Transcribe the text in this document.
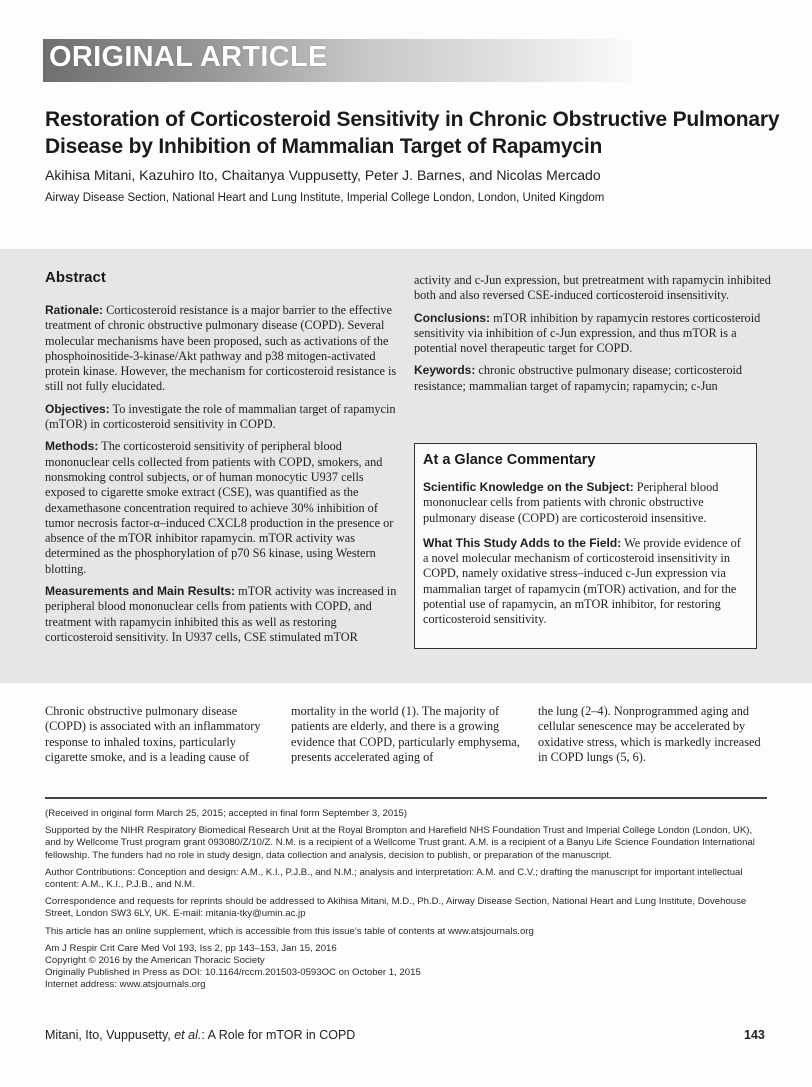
ORIGINAL ARTICLE
Restoration of Corticosteroid Sensitivity in Chronic Obstructive Pulmonary Disease by Inhibition of Mammalian Target of Rapamycin
Akihisa Mitani, Kazuhiro Ito, Chaitanya Vuppusetty, Peter J. Barnes, and Nicolas Mercado
Airway Disease Section, National Heart and Lung Institute, Imperial College London, London, United Kingdom
Abstract

Rationale: Corticosteroid resistance is a major barrier to the effective treatment of chronic obstructive pulmonary disease (COPD). Several molecular mechanisms have been proposed, such as activations of the phosphoinositide-3-kinase/Akt pathway and p38 mitogen-activated protein kinase. However, the mechanism for corticosteroid resistance is still not fully elucidated.

Objectives: To investigate the role of mammalian target of rapamycin (mTOR) in corticosteroid sensitivity in COPD.

Methods: The corticosteroid sensitivity of peripheral blood mononuclear cells collected from patients with COPD, smokers, and nonsmoking control subjects, or of human monocytic U937 cells exposed to cigarette smoke extract (CSE), was quantified as the dexamethasone concentration required to achieve 30% inhibition of tumor necrosis factor-α–induced CXCL8 production in the presence or absence of the mTOR inhibitor rapamycin. mTOR activity was determined as the phosphorylation of p70 S6 kinase, using Western blotting.

Measurements and Main Results: mTOR activity was increased in peripheral blood mononuclear cells from patients with COPD, and treatment with rapamycin inhibited this as well as restoring corticosteroid sensitivity. In U937 cells, CSE stimulated mTOR

activity and c-Jun expression, but pretreatment with rapamycin inhibited both and also reversed CSE-induced corticosteroid insensitivity.

Conclusions: mTOR inhibition by rapamycin restores corticosteroid sensitivity via inhibition of c-Jun expression, and thus mTOR is a potential novel therapeutic target for COPD.

Keywords: chronic obstructive pulmonary disease; corticosteroid resistance; mammalian target of rapamycin; rapamycin; c-Jun

At a Glance Commentary

Scientific Knowledge on the Subject: Peripheral blood mononuclear cells from patients with chronic obstructive pulmonary disease (COPD) are corticosteroid insensitive.

What This Study Adds to the Field: We provide evidence of a novel molecular mechanism of corticosteroid insensitivity in COPD, namely oxidative stress–induced c-Jun expression via mammalian target of rapamycin (mTOR) activation, and for the potential use of rapamycin, an mTOR inhibitor, for restoring corticosteroid sensitivity.

Chronic obstructive pulmonary disease (COPD) is associated with an inflammatory response to inhaled toxins, particularly cigarette smoke, and is a leading cause of

mortality in the world (1). The majority of patients are elderly, and there is a growing evidence that COPD, particularly emphysema, presents accelerated aging of

the lung (2–4). Nonprogrammed aging and cellular senescence may be accelerated by oxidative stress, which is markedly increased in COPD lungs (5, 6).

(Received in original form March 25, 2015; accepted in final form September 3, 2015)

Supported by the NIHR Respiratory Biomedical Research Unit at the Royal Brompton and Harefield NHS Foundation Trust and Imperial College London (London, UK), and by Wellcome Trust program grant 093080/Z/10/Z. N.M. is a recipient of a Wellcome Trust grant. A.M. is a recipient of a Banyu Life Science Foundation International fellowship. The funders had no role in study design, data collection and analysis, decision to publish, or preparation of the manuscript.

Author Contributions: Conception and design: A.M., K.I., P.J.B., and N.M.; analysis and interpretation: A.M. and C.V.; drafting the manuscript for important intellectual content: A.M., K.I., P.J.B., and N.M.

Correspondence and requests for reprints should be addressed to Akihisa Mitani, M.D., Ph.D., Airway Disease Section, National Heart and Lung Institute, Dovehouse Street, London SW3 6LY, UK. E-mail: mitania-tky@umin.ac.jp

This article has an online supplement, which is accessible from this issue’s table of contents at www.atsjournals.org

Am J Respir Crit Care Med Vol 193, Iss 2, pp 143–153, Jan 15, 2016

Copyright © 2016 by the American Thoracic Society

Originally Published in Press as DOI: 10.1164/rccm.201503-0593OC on October 1, 2015

Internet address: www.atsjournals.org

Mitani, Ito, Vuppusetty, et al.: A Role for mTOR in COPD	143
